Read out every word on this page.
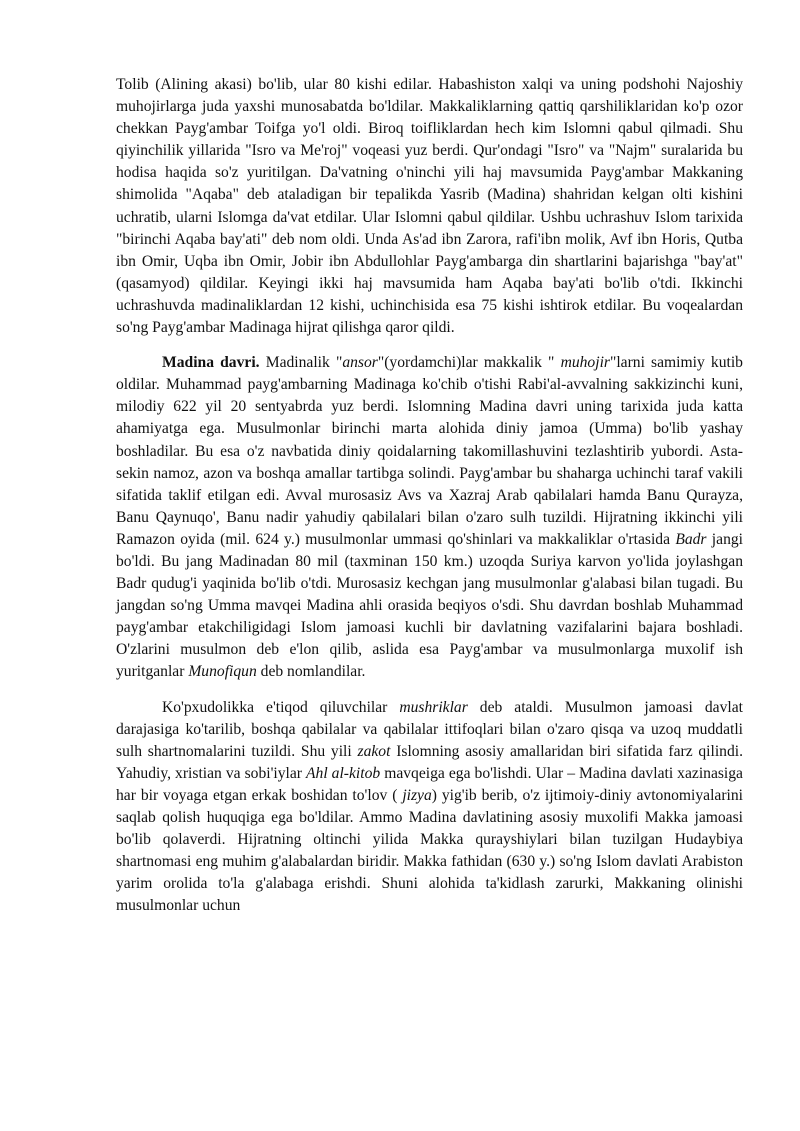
Tolib (Alining akasi) bo'lib, ular 80 kishi edilar. Habashiston xalqi va uning podshohi Najoshiy muhojirlarga juda yaxshi munosabatda bo'ldilar. Makkaliklarning qattiq qarshiliklaridan ko'p ozor chekkan Payg'ambar Toifga yo'l oldi. Biroq toifliklardan hech kim Islomni qabul qilmadi. Shu qiyinchilik yillarida "Isro va Me'roj" voqeasi yuz berdi. Qur'ondagi "Isro" va "Najm" suralarida bu hodisa haqida so'z yuritilgan. Da'vatning o'ninchi yili haj mavsumida Payg'ambar Makkaning shimolida "Aqaba" deb ataladigan bir tepalikda Yasrib (Madina) shahridan kelgan olti kishini uchratib, ularni Islomga da'vat etdilar. Ular Islomni qabul qildilar. Ushbu uchrashuv Islom tarixida "birinchi Aqaba bay'ati" deb nom oldi. Unda As'ad ibn Zarora, rafi'ibn molik, Avf ibn Horis, Qutba ibn Omir, Uqba ibn Omir, Jobir ibn Abdullohlar Payg'ambarga din shartlarini bajarishga "bay'at" (qasamyod) qildilar. Keyingi ikki haj mavsumida ham Aqaba bay'ati bo'lib o'tdi. Ikkinchi uchrashuvda madinaliklardan 12 kishi, uchinchisida esa 75 kishi ishtirok etdilar. Bu voqealardan so'ng Payg'ambar Madinaga hijrat qilishga qaror qildi.

Madina davri. Madinalik "ansor"(yordamchi)lar makkalik " muhojir"larni samimiy kutib oldilar. Muhammad payg'ambarning Madinaga ko'chib o'tishi Rabi'al-avvalning sakkizinchi kuni, milodiy 622 yil 20 sentyabrda yuz berdi. Islomning Madina davri uning tarixida juda katta ahamiyatga ega. Musulmonlar birinchi marta alohida diniy jamoa (Umma) bo'lib yashay boshladilar. Bu esa o'z navbatida diniy qoidalarning takomillashuvini tezlashtirib yubordi. Asta-sekin namoz, azon va boshqa amallar tartibga solindi. Payg'ambar bu shaharga uchinchi taraf vakili sifatida taklif etilgan edi. Avval murosasiz Avs va Xazraj Arab qabilalari hamda Banu Qurayza, Banu Qaynuqo', Banu nadir yahudiy qabilalari bilan o'zaro sulh tuzildi. Hijratning ikkinchi yili Ramazon oyida (mil. 624 y.) musulmonlar ummasi qo'shinlari va makkaliklar o'rtasida Badr jangi bo'ldi. Bu jang Madinadan 80 mil (taxminan 150 km.) uzoqda Suriya karvon yo'lida joylashgan Badr qudug'i yaqinida bo'lib o'tdi. Murosasiz kechgan jang musulmonlar g'alabasi bilan tugadi. Bu jangdan so'ng Umma mavqei Madina ahli orasida beqiyos o'sdi. Shu davrdan boshlab Muhammad payg'ambar etakchiligidagi Islom jamoasi kuchli bir davlatning vazifalarini bajara boshladi. O'zlarini musulmon deb e'lon qilib, aslida esa Payg'ambar va musulmonlarga muxolif ish yuritganlar Munofiqun deb nomlandilar.

Ko'pxudolikka e'tiqod qiluvchilar mushriklar deb ataldi. Musulmon jamoasi davlat darajasiga ko'tarilib, boshqa qabilalar va qabilalar ittifoqlari bilan o'zaro qisqa va uzoq muddatli sulh shartnomalarini tuzildi. Shu yili zakot Islomning asosiy amallaridan biri sifatida farz qilindi. Yahudiy, xristian va sobi'iylar Ahl al-kitob mavqeiga ega bo'lishdi. Ular – Madina davlati xazinasiga har bir voyaga etgan erkak boshidan to'lov ( jizya) yig'ib berib, o'z ijtimoiy-diniy avtonomiyalarini saqlab qolish huquqiga ega bo'ldilar. Ammo Madina davlatining asosiy muxolifi Makka jamoasi bo'lib qolaverdi. Hijratning oltinchi yilida Makka qurayshiylari bilan tuzilgan Hudaybiya shartnomasi eng muhim g'alabalardan biridir. Makka fathidan (630 y.) so'ng Islom davlati Arabiston yarim orolida to'la g'alabaga erishdi. Shuni alohida ta'kidlash zarurki, Makkaning olinishi musulmonlar uchun
